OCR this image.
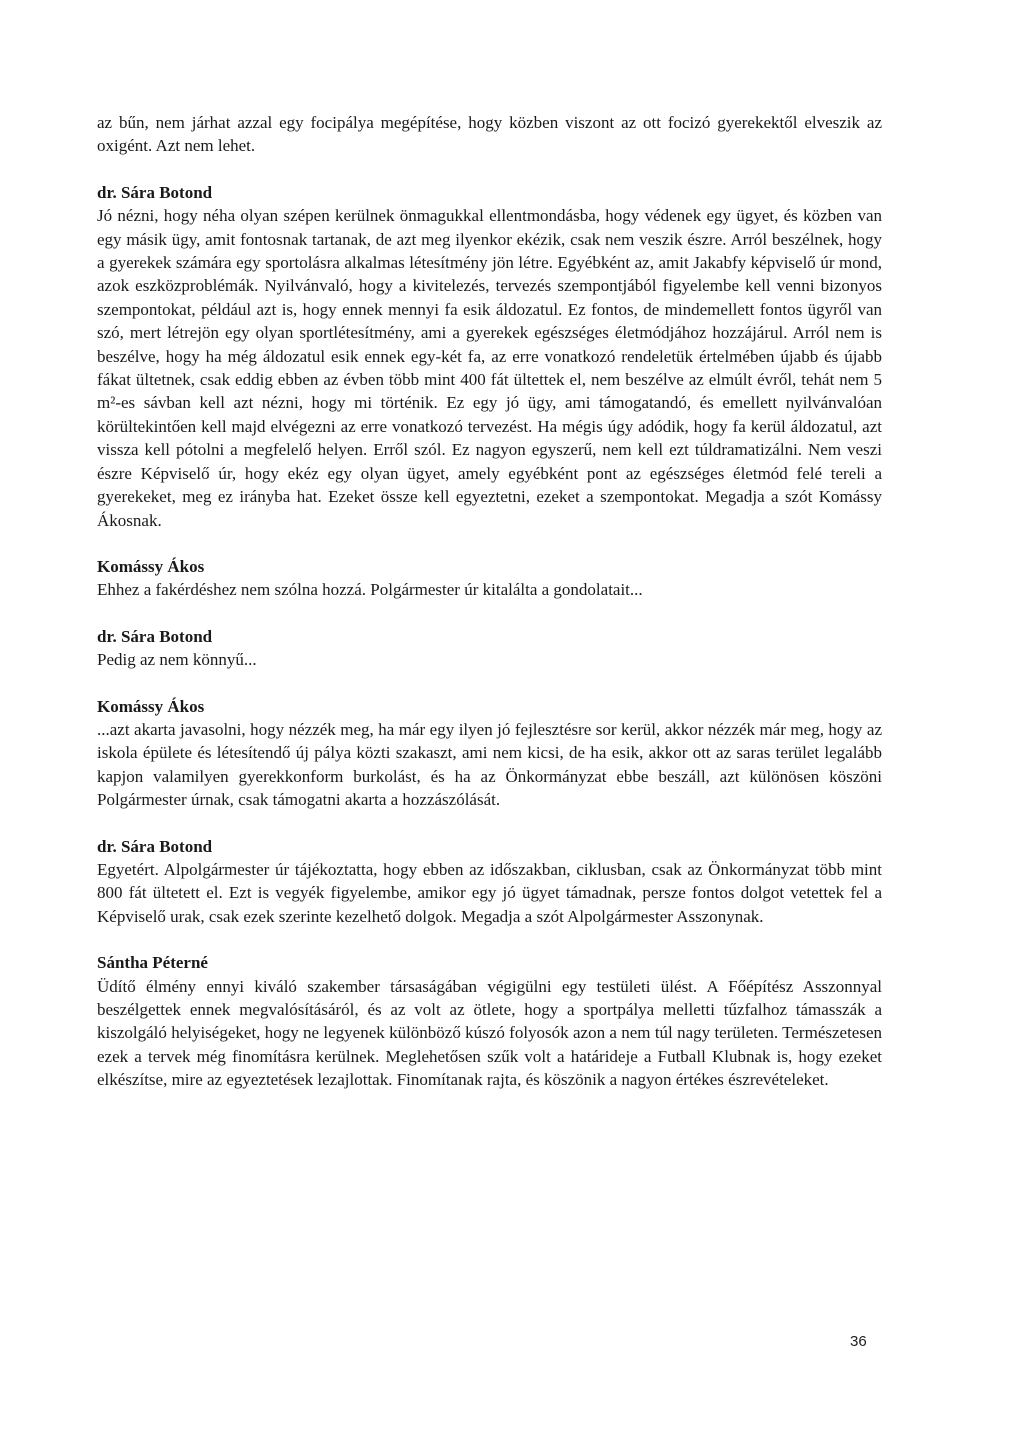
az bűn, nem járhat azzal egy focipálya megépítése, hogy közben viszont az ott focizó gyerekektől elveszik az oxigént. Azt nem lehet.

dr. Sára Botond

Jó nézni, hogy néha olyan szépen kerülnek önmagukkal ellentmondásba, hogy védenek egy ügyet, és közben van egy másik ügy, amit fontosnak tartanak, de azt meg ilyenkor ekézik, csak nem veszik észre. Arról beszélnek, hogy a gyerekek számára egy sportolásra alkalmas létesítmény jön létre. Egyébként az, amit Jakabfy képviselő úr mond, azok eszközproblémák. Nyilvánvaló, hogy a kivitelezés, tervezés szempontjából figyelembe kell venni bizonyos szempontokat, például azt is, hogy ennek mennyi fa esik áldozatul. Ez fontos, de mindemellett fontos ügyről van szó, mert létrejön egy olyan sportlétesítmény, ami a gyerekek egészséges életmódjához hozzájárul. Arról nem is beszélve, hogy ha még áldozatul esik ennek egy-két fa, az erre vonatkozó rendeletük értelmében újabb és újabb fákat ültetnek, csak eddig ebben az évben több mint 400 fát ültettek el, nem beszélve az elmúlt évről, tehát nem 5 m²-es sávban kell azt nézni, hogy mi történik. Ez egy jó ügy, ami támogatandó, és emellett nyilvánvalóan körültekintően kell majd elvégezni az erre vonatkozó tervezést. Ha mégis úgy adódik, hogy fa kerül áldozatul, azt vissza kell pótolni a megfelelő helyen. Erről szól. Ez nagyon egyszerű, nem kell ezt túldramatizálni. Nem veszi észre Képviselő úr, hogy ekéz egy olyan ügyet, amely egyébként pont az egészséges életmód felé tereli a gyerekeket, meg ez irányba hat. Ezeket össze kell egyeztetni, ezeket a szempontokat. Megadja a szót Komássy Ákosnak.

Komássy Ákos

Ehhez a fakérdéshez nem szólna hozzá. Polgármester úr kitalálta a gondolatait...

dr. Sára Botond

Pedig az nem könnyű...

Komássy Ákos

...azt akarta javasolni, hogy nézzék meg, ha már egy ilyen jó fejlesztésre sor kerül, akkor nézzék már meg, hogy az iskola épülete és létesítendő új pálya közti szakaszt, ami nem kicsi, de ha esik, akkor ott az saras terület legalább kapjon valamilyen gyerekkonform burkolást, és ha az Önkormányzat ebbe beszáll, azt különösen köszöni Polgármester úrnak, csak támogatni akarta a hozzászólását.

dr. Sára Botond

Egyetért. Alpolgármester úr tájékoztatta, hogy ebben az időszakban, ciklusban, csak az Önkormányzat több mint 800 fát ültetett el. Ezt is vegyék figyelembe, amikor egy jó ügyet támadnak, persze fontos dolgot vetettek fel a Képviselő urak, csak ezek szerinte kezelhető dolgok. Megadja a szót Alpolgármester Asszonynak.

Sántha Péterné

Üdítő élmény ennyi kiváló szakember társaságában végigülni egy testületi ülést. A Főépítész Asszonnyal beszélgettek ennek megvalósításáról, és az volt az ötlete, hogy a sportpálya melletti tűzfalhoz támasszák a kiszolgáló helyiségeket, hogy ne legyenek különböző kúszó folyosók azon a nem túl nagy területen. Természetesen ezek a tervek még finomításra kerülnek. Meglehetősen szűk volt a határideje a Futball Klubnak is, hogy ezeket elkészítse, mire az egyeztetések lezajlottak. Finomítanak rajta, és köszönik a nagyon értékes észrevételeket.

36
